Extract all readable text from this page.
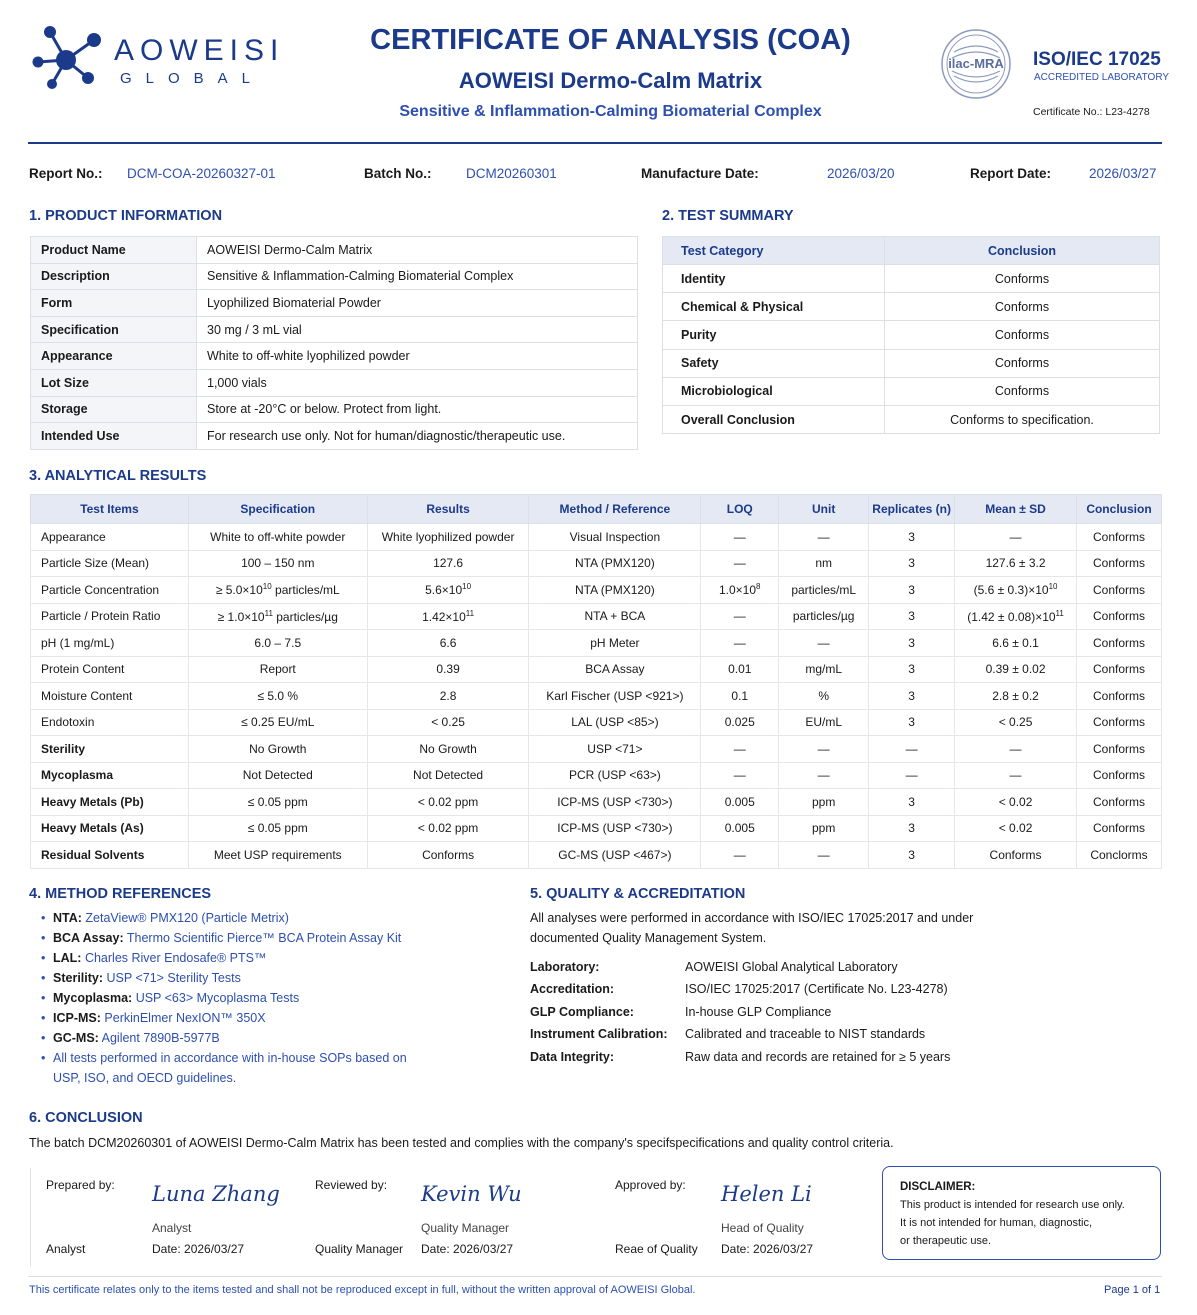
AOWEISI
GLOBAL
CERTIFICATE OF ANALYSIS (COA)
AOWEISI Dermo-Calm Matrix
Sensitive & Inflammation-Calming Biomaterial Complex
ilac-MRA	ISO/IEC 17025
ACCREDITED LABORATORY
Certificate No.: L23-4278
Report No.: DCM-COA-20260327-01	Batch No.:	DCM20260301	Manufacture Date:	2026/03/20	Report Date:	2026/03/27
1. PRODUCT INFORMATION
Product Name	AOWEISI Dermo-Calm Matrix
Description	Sensitive & Inflammation-Calming Biomaterial Complex
Form	Lyophilized Biomaterial Powder
Specification	30 mg / 3 mL vial
Appearance	White to off-white lyophilized powder
Lot Size	1,000 vials
Storage	Store at -20°C or below. Protect from light.
Intended Use	For research use only. Not for human/diagnostic/therapeutic use.
2. TEST SUMMARY
Test Category	Conclusion
Identity	Conforms
Chemical & Physical	Conforms
Purity	Conforms
Safety	Conforms
Microbiological	Conforms
Overall Conclusion	Conforms to specification.
3. ANALYTICAL RESULTS
Test Items	Specification	Results	Method / Reference	LOQ	Unit	Replicates (n)	Mean ± SD	Conclusion
Appearance	White to off-white powder	White lyophilized powder	Visual Inspection	—	—	3	—	Conforms
Particle Size (Mean)	100 – 150 nm	127.6	NTA (PMX120)	—	nm	3	127.6 ± 3.2	Conforms
Particle Concentration	≥ $5.0\times 10^{10}$ particles/mL	$5.6\times 10^{10}$	NTA (PMX120)	$1.0\times 10^8$	particles/mL	3	$(5.6 \pm 0.3)\times 10^{10}$	Conforms
Particle / Protein Ratio	≥ $1.0\times 10^{11}$ particles/µg	$1.42\times 10^{11}$	NTA + BCA	—	particles/µg	3	$(1.42 \pm 0.08)\times 10^{11}$	Conforms
pH (1 mg/mL)	6.0 – 7.5	6.6	pH Meter	—	—	3	6.6 ± 0.1	Conforms
Protein Content	Report	0.39	BCA Assay	0.01	mg/mL	3	0.39 ± 0.02	Conforms
Moisture Content	≤ 5.0 %	2.8	Karl Fischer (USP <921>)	0.1	%	3	2.8 ± 0.2	Conforms
Endotoxin	≤ 0.25 EU/mL	< 0.25	LAL (USP <85>)	0.025	EU/mL	3	< 0.25	Conforms
Sterility	No Growth	No Growth	USP <71>	—	—	—	—	Conforms
Mycoplasma	Not Detected	Not Detected	PCR (USP <63>)	—	—	—	—	Conforms
Heavy Metals (Pb)	≤ 0.05 ppm	< 0.02 ppm	ICP-MS (USP <730>)	0.005	ppm	3	< 0.02	Conforms
Heavy Metals (As)	≤ 0.05 ppm	< 0.02 ppm	ICP-MS (USP <730>)	0.005	ppm	3	< 0.02	Conforms
Residual Solvents	Meet USP requirements	Conforms	GC-MS (USP <467>)	—	—	3	Conforms	Conclorms
4. METHOD REFERENCES
• NTA: ZetaView® PMX120 (Particle Metrix)
• BCA Assay: Thermo Scientific Pierce™ BCA Protein Assay Kit
• LAL: Charles River Endosafe® PTS™
• Sterility: USP <71> Sterility Tests
• Mycoplasma: USP <63> Mycoplasma Tests
• ICP-MS: PerkinElmer NexION™ 350X
• GC-MS: Agilent 7890B-5977B
• All tests performed in accordance with in-house SOPs based on
USP, ISO, and OECD guidelines.
5. QUALITY & ACCREDITATION
All analyses were performed in accordance with ISO/IEC 17025:2017 and under
documented Quality Management System.
Laboratory:	AOWEISI Global Analytical Laboratory
Accreditation:	ISO/IEC 17025:2017 (Certificate No. L23-4278)
GLP Compliance:	In-house GLP Compliance
Instrument Calibration: Calibrated and traceable to NIST standards
Data Integrity:	Raw data and records are retained for ≥ 5 years
6. CONCLUSION
The batch DCM20260301 of AOWEISI Dermo-Calm Matrix has been tested and complies with the company's specifspecifications and quality control criteria.
Prepared by: Luna Zhang
Analyst
Analyst	Date: 2026/03/27
Reviewed by: Kevin Wu
Quality Manager
Quality Manager Date: 2026/03/27
Approved by: Helen Li
Head of Quality
Reae of Quality Date: 2026/03/27
DISCLAIMER:
This product is intended for research use only.
It is not intended for human, diagnostic,
or therapeutic use.
This certificate relates only to the items tested and shall not be reproduced except in full, without the written approval of AOWEISI Global.	Page 1 of 1
